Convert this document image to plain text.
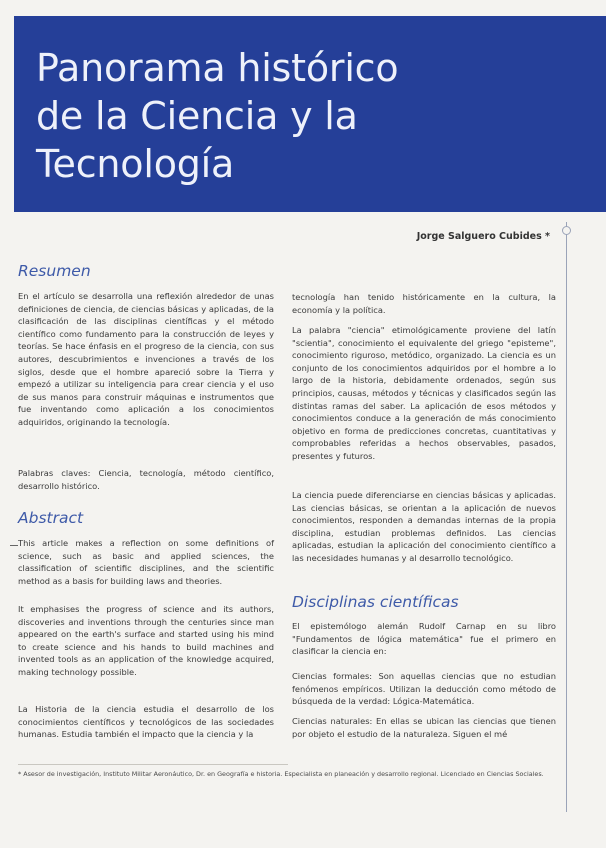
Panorama histórico
de la Ciencia y la
Tecnología
Jorge Salguero Cubides *
Resumen

En el artículo se desarrolla una reflexión alrededor de unas definiciones de ciencia, de ciencias básicas y aplicadas, de la clasificación de las disciplinas científicas y el método científico como fundamento para la construcción de leyes y teorías. Se hace énfasis en el progreso de la ciencia, con sus autores, descubrimientos e invenciones a través de los siglos, desde que el hombre apareció sobre la Tierra y empezó a utilizar su inteligencia para crear ciencia y el uso de sus manos para construir máquinas e instrumentos que fue inventando como aplicación a los conocimientos adquiridos, originando la tecnología.

Palabras claves: Ciencia, tecnología, método científico, desarrollo histórico.

Abstract

This article makes a reflection on some definitions of science, such as basic and applied sciences, the classification of scientific disciplines, and the scientific method as a basis for building laws and theories.

It emphasises the progress of science and its authors, discoveries and inventions through the centuries since man appeared on the earth's surface and started using his mind to create science and his hands to build machines and invented tools as an application of the knowledge acquired, making technology possible.

La Historia de la ciencia estudia el desarrollo de los conocimientos científicos y tecnológicos de las sociedades humanas. Estudia también el impacto que la ciencia y la

tecnología han tenido históricamente en la cultura, la economía y la política.

La palabra "ciencia" etimológicamente proviene del latín "scientia", conocimiento el equivalente del griego "episteme", conocimiento riguroso, metódico, organizado. La ciencia es un conjunto de los conocimientos adquiridos por el hombre a lo largo de la historia, debidamente ordenados, según sus principios, causas, métodos y técnicas y clasificados según las distintas ramas del saber. La aplicación de esos métodos y conocimientos conduce a la generación de más conocimiento objetivo en forma de predicciones concretas, cuantitativas y comprobables referidas a hechos observables, pasados, presentes y futuros.

La ciencia puede diferenciarse en ciencias básicas y aplicadas. Las ciencias básicas, se orientan a la aplicación de nuevos conocimientos, responden a demandas internas de la propia disciplina, estudian problemas definidos. Las ciencias aplicadas, estudian la aplicación del conocimiento científico a las necesidades humanas y al desarrollo tecnológico.

Disciplinas científicas

El epistemólogo alemán Rudolf Carnap en su libro "Fundamentos de lógica matemática" fue el primero en clasificar la ciencia en:

Ciencias formales: Son aquellas ciencias que no estudian fenómenos empíricos. Utilizan la deducción como método de búsqueda de la verdad: Lógica-Matemática.

Ciencias naturales: En ellas se ubican las ciencias que tienen por objeto el estudio de la naturaleza. Siguen el mé

* Asesor de investigación, Instituto Militar Aeronáutico, Dr. en Geografía e historia. Especialista en planeación y desarrollo regional. Licenciado en Ciencias Sociales.
